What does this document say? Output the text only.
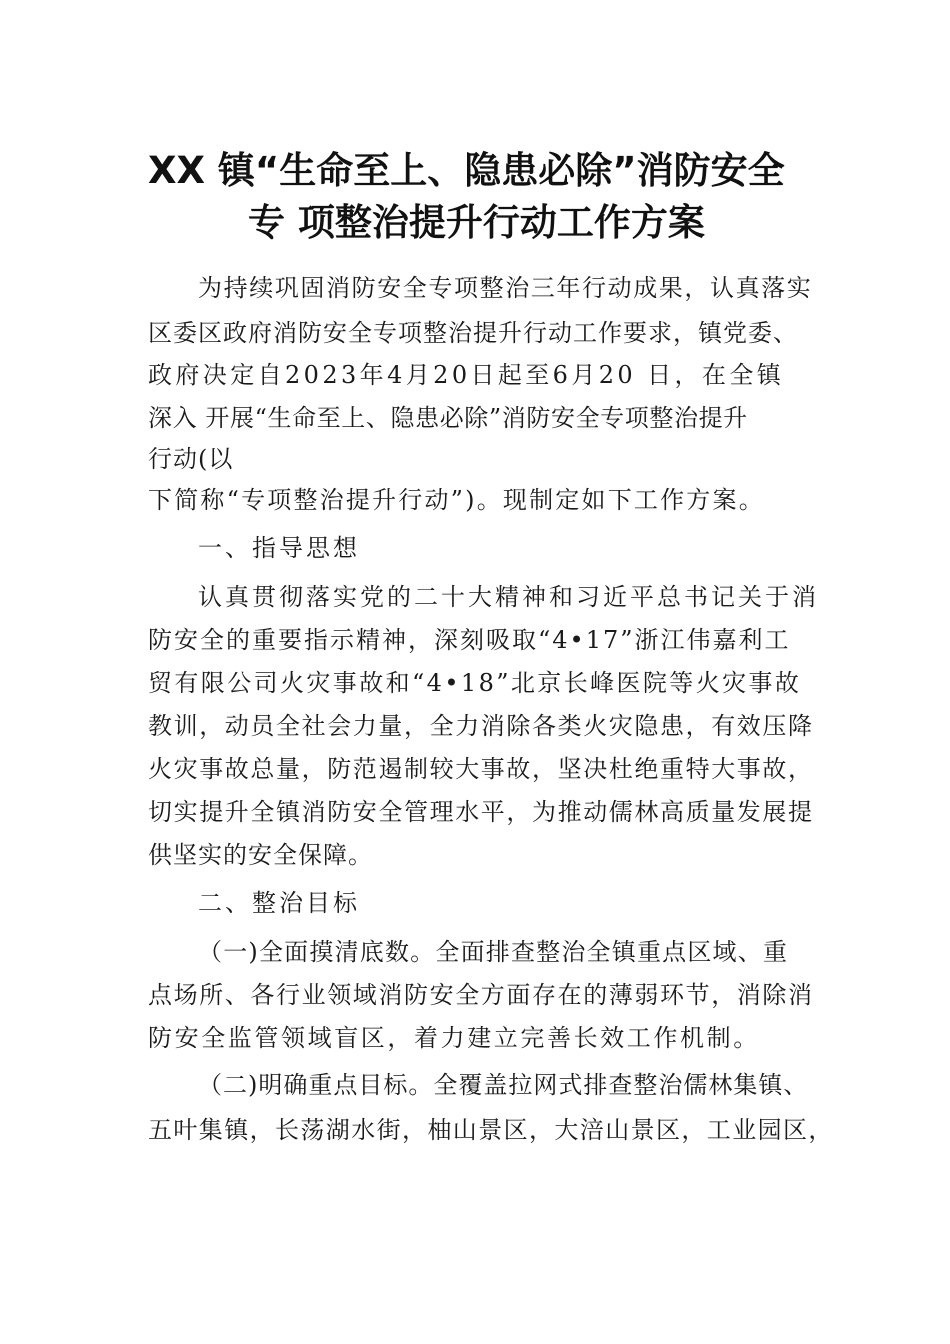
XX 镇“生命至上、隐患必除”消防安全
专 项整治提升行动工作方案
为持续巩固消防安全专项整治三年行动成果，认真落实
区委区政府消防安全专项整治提升行动工作要求，镇党委、
政府决定自2023年4月20日起至6月20 日，在全镇
深入 开展“生命至上、隐患必除”消防安全专项整治提升
行动(以
下简称“专项整治提升行动”)。现制定如下工作方案。
一、指导思想
认真贯彻落实党的二十大精神和习近平总书记关于消
防安全的重要指示精神，深刻吸取“4•17”浙江伟嘉利工
贸有限公司火灾事故和“4•18”北京长峰医院等火灾事故
教训，动员全社会力量，全力消除各类火灾隐患，有效压降
火灾事故总量，防范遏制较大事故，坚决杜绝重特大事故，
切实提升全镇消防安全管理水平，为推动儒林高质量发展提
供坚实的安全保障。
二、整治目标
（一)全面摸清底数。全面排查整治全镇重点区域、重
点场所、各行业领域消防安全方面存在的薄弱环节，消除消
防安全监管领域盲区，着力建立完善长效工作机制。
（二)明确重点目标。全覆盖拉网式排查整治儒林集镇、
五叶集镇，长荡湖水街，柚山景区，大涪山景区，工业园区，
